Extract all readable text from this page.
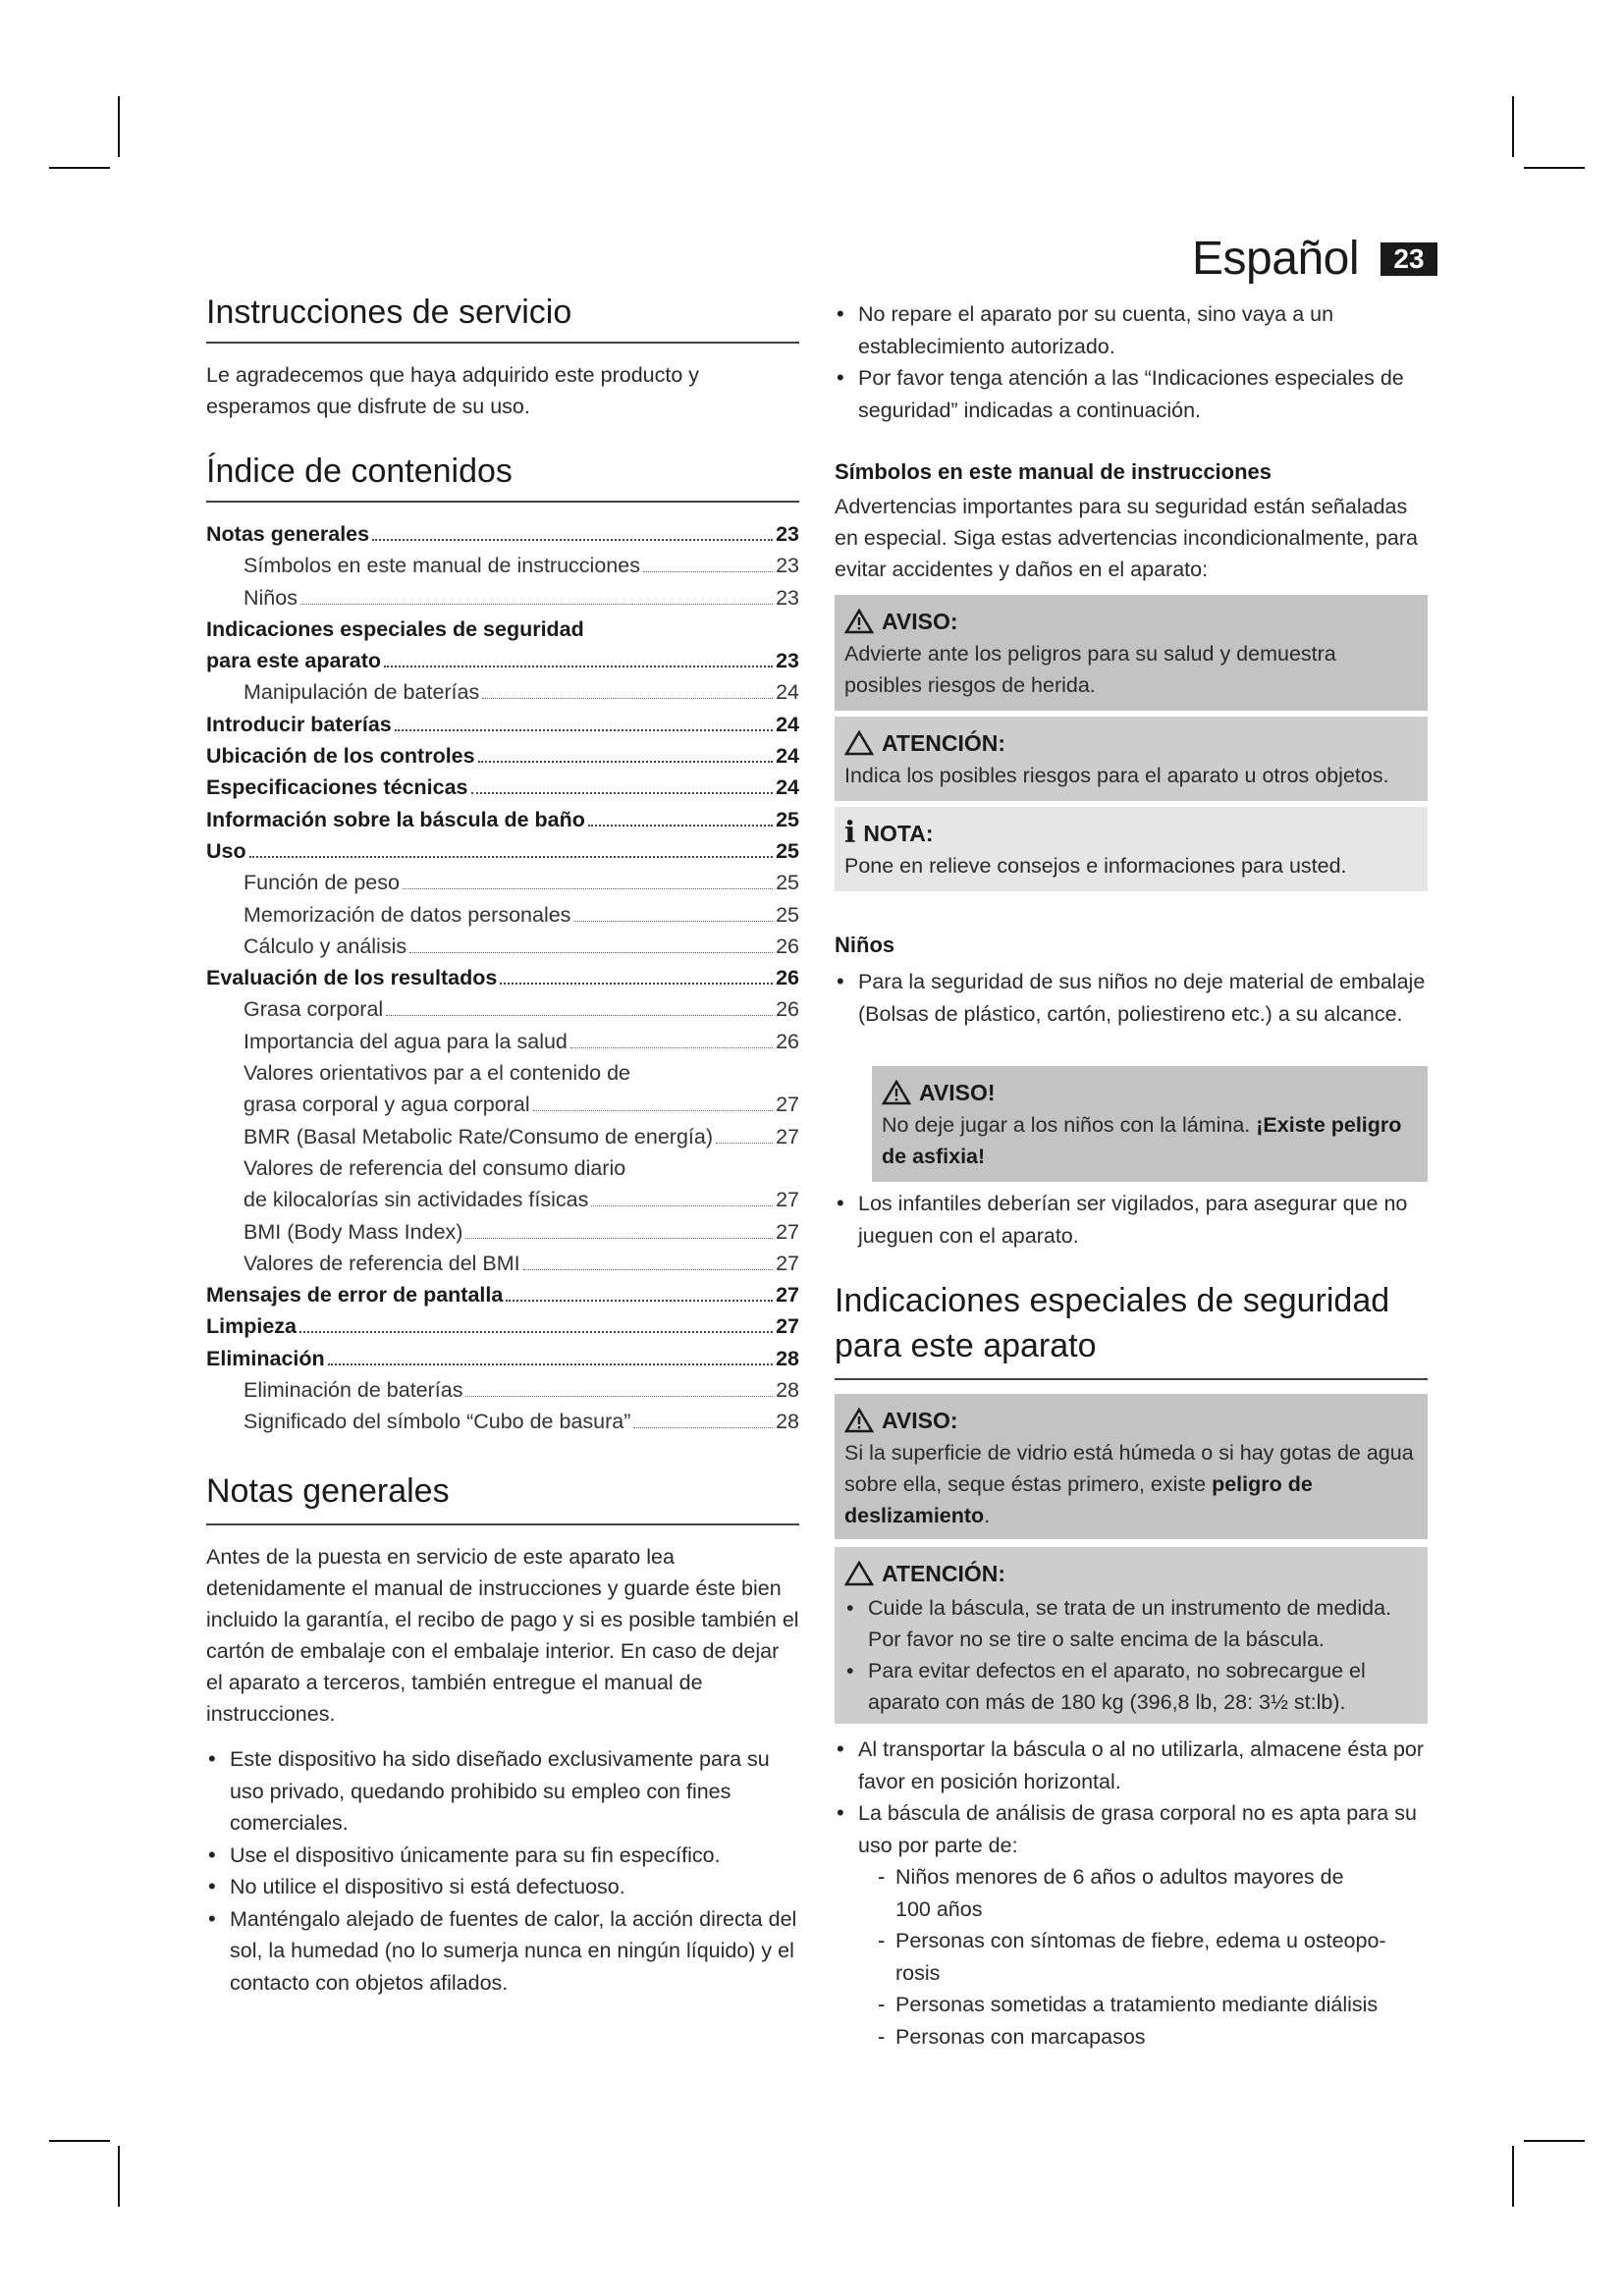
Español	23
Instrucciones de servicio
Le agradecemos que haya adquirido este producto y esperamos que disfrute de su uso.
Índice de contenidos
Notas generales	23
Símbolos en este manual de instrucciones	23
Niños	23
Indicaciones especiales de seguridad
para este aparato	23
Manipulación de baterías	24
Introducir baterías	24
Ubicación de los controles	24
Especificaciones técnicas	24
Información sobre la báscula de baño	25
Uso	25
Función de peso	25
Memorización de datos personales	25
Cálculo y análisis	26
Evaluación de los resultados	26
Grasa corporal	26
Importancia del agua para la salud	26
Valores orientativos par a el contenido de
grasa corporal y agua corporal	27
BMR (Basal Metabolic Rate/Consumo de energía)	27
Valores de referencia del consumo diario
de kilocalorías sin actividades físicas	27
BMI (Body Mass Index)	27
Valores de referencia del BMI	27
Mensajes de error de pantalla	27
Limpieza	27
Eliminación	28
Eliminación de baterías	28
Significado del símbolo “Cubo de basura”	28
Notas generales
Antes de la puesta en servicio de este aparato lea detenidamente el manual de instrucciones y guarde éste bien incluido la garantía, el recibo de pago y si es posible también el cartón de embalaje con el embalaje interior. En caso de dejar el aparato a terceros, también entregue el manual de instrucciones.
• Este dispositivo ha sido diseñado exclusivamente para su uso privado, quedando prohibido su empleo con fines comerciales.
• Use el dispositivo únicamente para su fin específico.
• No utilice el dispositivo si está defectuoso.
• Manténgalo alejado de fuentes de calor, la acción directa del sol, la humedad (no lo sumerja nunca en ningún líquido) y el contacto con objetos afilados.
• No repare el aparato por su cuenta, sino vaya a un establecimiento autorizado.
• Por favor tenga atención a las “Indicaciones especiales de seguridad” indicadas a continuación.
Símbolos en este manual de instrucciones
Advertencias importantes para su seguridad están señaladas en especial. Siga estas advertencias incondicionalmente, para evitar accidentes y daños en el aparato:
AVISO:
Advierte ante los peligros para su salud y demuestra posibles riesgos de herida.
ATENCIÓN:
Indica los posibles riesgos para el aparato u otros objetos.
i NOTA:
Pone en relieve consejos e informaciones para usted.
Niños
• Para la seguridad de sus niños no deje material de embalaje (Bolsas de plástico, cartón, poliestireno etc.) a su alcance.
AVISO!
No deje jugar a los niños con la lámina. ¡Existe peligro de asfixia!
• Los infantiles deberían ser vigilados, para asegurar que no jueguen con el aparato.
Indicaciones especiales de seguridad para este aparato
AVISO:
Si la superficie de vidrio está húmeda o si hay gotas de agua sobre ella, seque éstas primero, existe peligro de deslizamiento.
ATENCIÓN:
• Cuide la báscula, se trata de un instrumento de medida. Por favor no se tire o salte encima de la báscula.
• Para evitar defectos en el aparato, no sobrecargue el aparato con más de 180 kg (396,8 lb, 28: 3½ st:lb).
• Al transportar la báscula o al no utilizarla, almacene ésta por favor en posición horizontal.
• La báscula de análisis de grasa corporal no es apta para su uso por parte de:
- Niños menores de 6 años o adultos mayores de
100 años
- Personas con síntomas de fiebre, edema u osteopo-
rosis
- Personas sometidas a tratamiento mediante diálisis
- Personas con marcapasos
